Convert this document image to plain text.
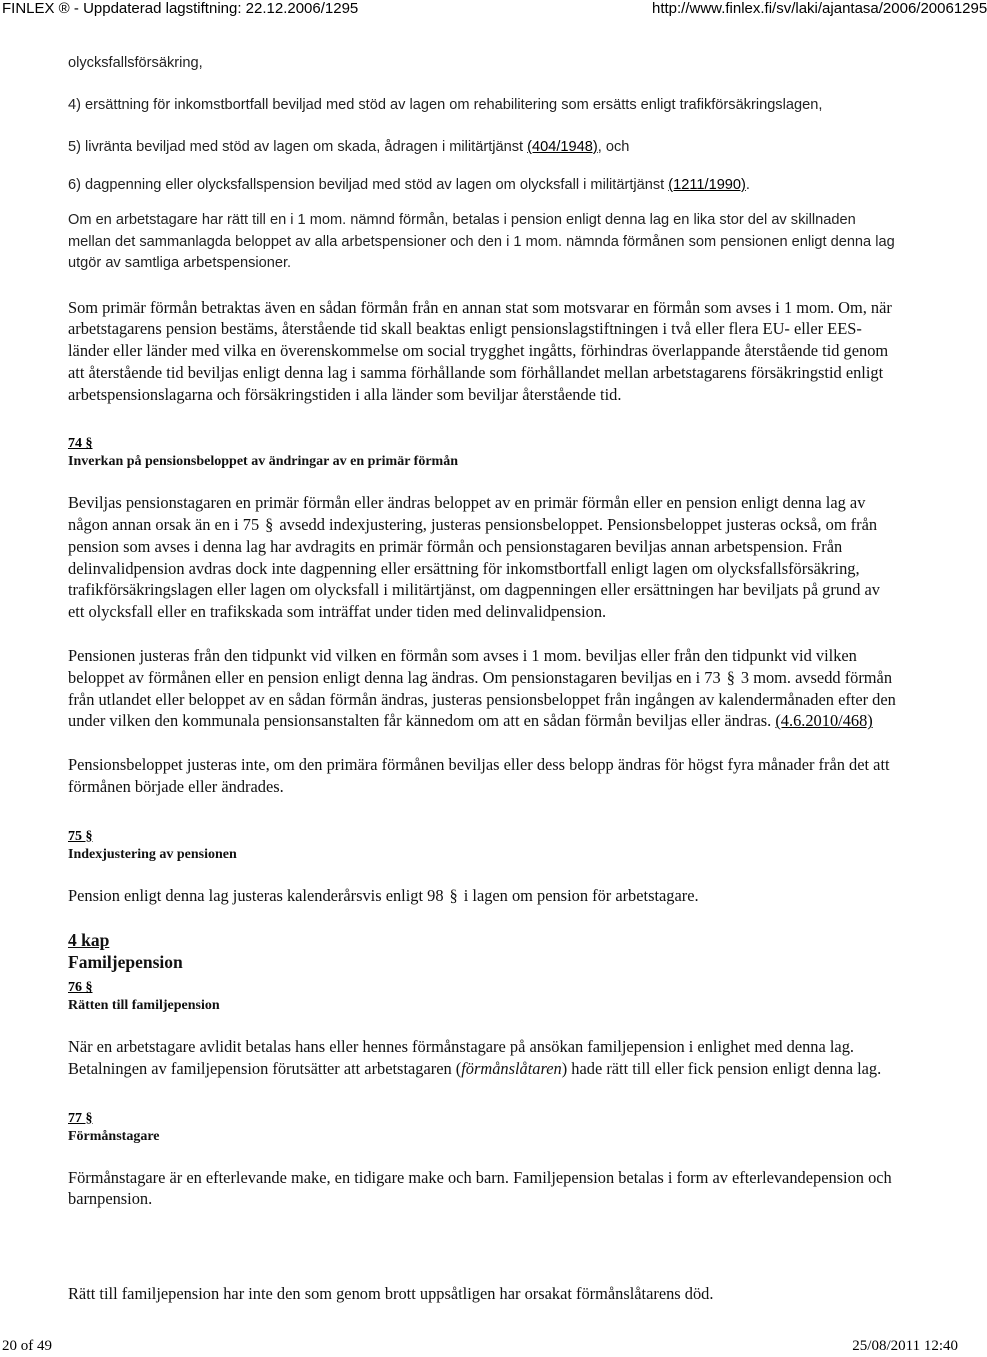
FINLEX ® - Uppdaterad lagstiftning: 22.12.2006/1295	http://www.finlex.fi/sv/laki/ajantasa/2006/20061295

olycksfallsförsäkring,

4) ersättning för inkomstbortfall beviljad med stöd av lagen om rehabilitering som ersätts enligt trafikförsäkringslagen,

5) livränta beviljad med stöd av lagen om skada, ådragen i militärtjänst (404/1948), och

6) dagpenning eller olycksfallspension beviljad med stöd av lagen om olycksfall i militärtjänst (1211/1990).

Om en arbetstagare har rätt till en i 1 mom. nämnd förmån, betalas i pension enligt denna lag en lika stor del av skillnaden mellan det sammanlagda beloppet av alla arbetspensioner och den i 1 mom. nämnda förmånen som pensionen enligt denna lag utgör av samtliga arbetspensioner.

Som primär förmån betraktas även en sådan förmån från en annan stat som motsvarar en förmån som avses i 1 mom. Om, när arbetstagarens pension bestäms, återstående tid skall beaktas enligt pensionslagstiftningen i två eller flera EU- eller EES-länder eller länder med vilka en överenskommelse om social trygghet ingåtts, förhindras överlappande återstående tid genom att återstående tid beviljas enligt denna lag i samma förhållande som förhållandet mellan arbetstagarens försäkringstid enligt arbetspensionslagarna och försäkringstiden i alla länder som beviljar återstående tid.

74 §
Inverkan på pensionsbeloppet av ändringar av en primär förmån

Beviljas pensionstagaren en primär förmån eller ändras beloppet av en primär förmån eller en pension enligt denna lag av någon annan orsak än en i 75 § avsedd indexjustering, justeras pensionsbeloppet. Pensionsbeloppet justeras också, om från pension som avses i denna lag har avdragits en primär förmån och pensionstagaren beviljas annan arbetspension. Från delinvalidpension avdras dock inte dagpenning eller ersättning för inkomstbortfall enligt lagen om olycksfallsförsäkring, trafikförsäkringslagen eller lagen om olycksfall i militärtjänst, om dagpenningen eller ersättningen har beviljats på grund av ett olycksfall eller en trafikskada som inträffat under tiden med delinvalidpension.

Pensionen justeras från den tidpunkt vid vilken en förmån som avses i 1 mom. beviljas eller från den tidpunkt vid vilken beloppet av förmånen eller en pension enligt denna lag ändras. Om pensionstagaren beviljas en i 73 § 3 mom. avsedd förmån från utlandet eller beloppet av en sådan förmån ändras, justeras pensionsbeloppet från ingången av kalendermånaden efter den under vilken den kommunala pensionsanstalten får kännedom om att en sådan förmån beviljas eller ändras. (4.6.2010/468)

Pensionsbeloppet justeras inte, om den primära förmånen beviljas eller dess belopp ändras för högst fyra månader från det att förmånen började eller ändrades.

75 §
Indexjustering av pensionen

Pension enligt denna lag justeras kalenderårsvis enligt 98 § i lagen om pension för arbetstagare.

4 kap
Familjepension
76 §
Rätten till familjepension

När en arbetstagare avlidit betalas hans eller hennes förmånstagare på ansökan familjepension i enlighet med denna lag. Betalningen av familjepension förutsätter att arbetstagaren (förmånslåtaren) hade rätt till eller fick pension enligt denna lag.

77 §
Förmånstagare

Förmånstagare är en efterlevande make, en tidigare make och barn. Familjepension betalas i form av efterlevandepension och barnpension.

Rätt till familjepension har inte den som genom brott uppsåtligen har orsakat förmånslåtarens död.

20 of 49	25/08/2011 12:40
